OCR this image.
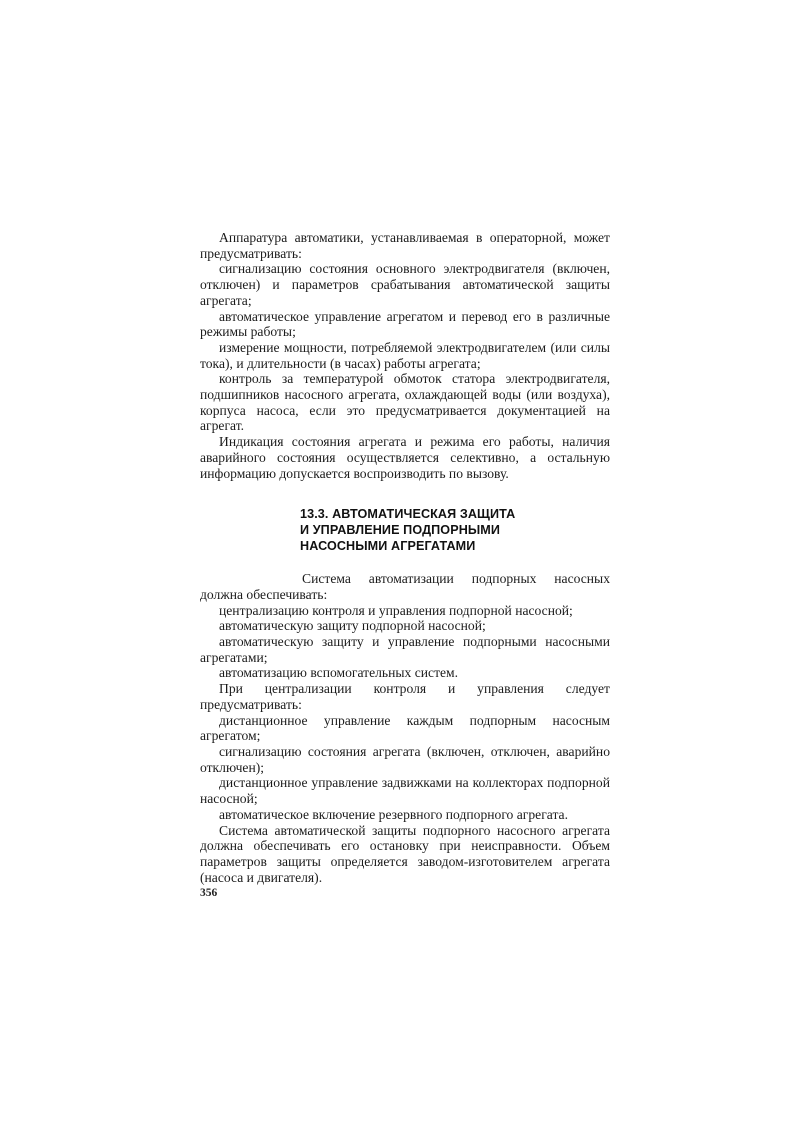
Аппаратура автоматики, устанавливаемая в операторной, может предусматривать:

сигнализацию состояния основного электродвигателя (включен, отключен) и параметров срабатывания автоматической защиты агрегата;

автоматическое управление агрегатом и перевод его в различные режимы работы;

измерение мощности, потребляемой электродвигателем (или силы тока), и длительности (в часах) работы агрегата;

контроль за температурой обмоток статора электродвигателя, подшипников насосного агрегата, охлаждающей воды (или воздуха), корпуса насоса, если это предусматривается документацией на агрегат.

Индикация состояния агрегата и режима его работы, наличия аварийного состояния осуществляется селективно, а остальную информацию допускается воспроизводить по вызову.

13.3. АВТОМАТИЧЕСКАЯ ЗАЩИТА
И УПРАВЛЕНИЕ ПОДПОРНЫМИ
НАСОСНЫМИ АГРЕГАТАМИ

Система автоматизации подпорных насосных должна обеспечивать:

централизацию контроля и управления подпорной насосной;

автоматическую защиту подпорной насосной;

автоматическую защиту и управление подпорными насосными агрегатами;

автоматизацию вспомогательных систем.

При централизации контроля и управления следует предусматривать:

дистанционное управление каждым подпорным насосным агрегатом;

сигнализацию состояния агрегата (включен, отключен, аварийно отключен);

дистанционное управление задвижками на коллекторах подпорной насосной;

автоматическое включение резервного подпорного агрегата.

Система автоматической защиты подпорного насосного агрегата должна обеспечивать его остановку при неисправности. Объем параметров защиты определяется заводом-изготовителем агрегата (насоса и двигателя).

356
